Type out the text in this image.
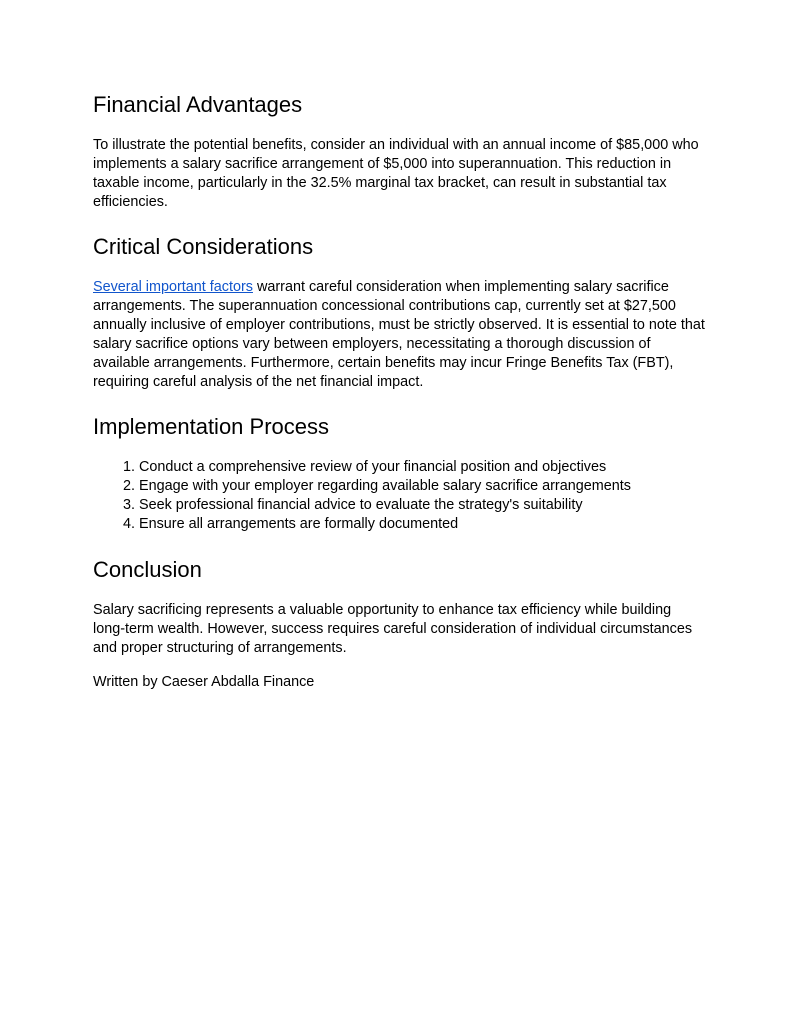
Financial Advantages

To illustrate the potential benefits, consider an individual with an annual income of $85,000 who implements a salary sacrifice arrangement of $5,000 into superannuation. This reduction in taxable income, particularly in the 32.5% marginal tax bracket, can result in substantial tax efficiencies.

Critical Considerations

Several important factors warrant careful consideration when implementing salary sacrifice arrangements. The superannuation concessional contributions cap, currently set at $27,500 annually inclusive of employer contributions, must be strictly observed. It is essential to note that salary sacrifice options vary between employers, necessitating a thorough discussion of available arrangements. Furthermore, certain benefits may incur Fringe Benefits Tax (FBT), requiring careful analysis of the net financial impact.

Implementation Process
1. Conduct a comprehensive review of your financial position and objectives
2. Engage with your employer regarding available salary sacrifice arrangements
3. Seek professional financial advice to evaluate the strategy's suitability
4. Ensure all arrangements are formally documented
Conclusion

Salary sacrificing represents a valuable opportunity to enhance tax efficiency while building long-term wealth. However, success requires careful consideration of individual circumstances and proper structuring of arrangements.

Written by Caeser Abdalla Finance
